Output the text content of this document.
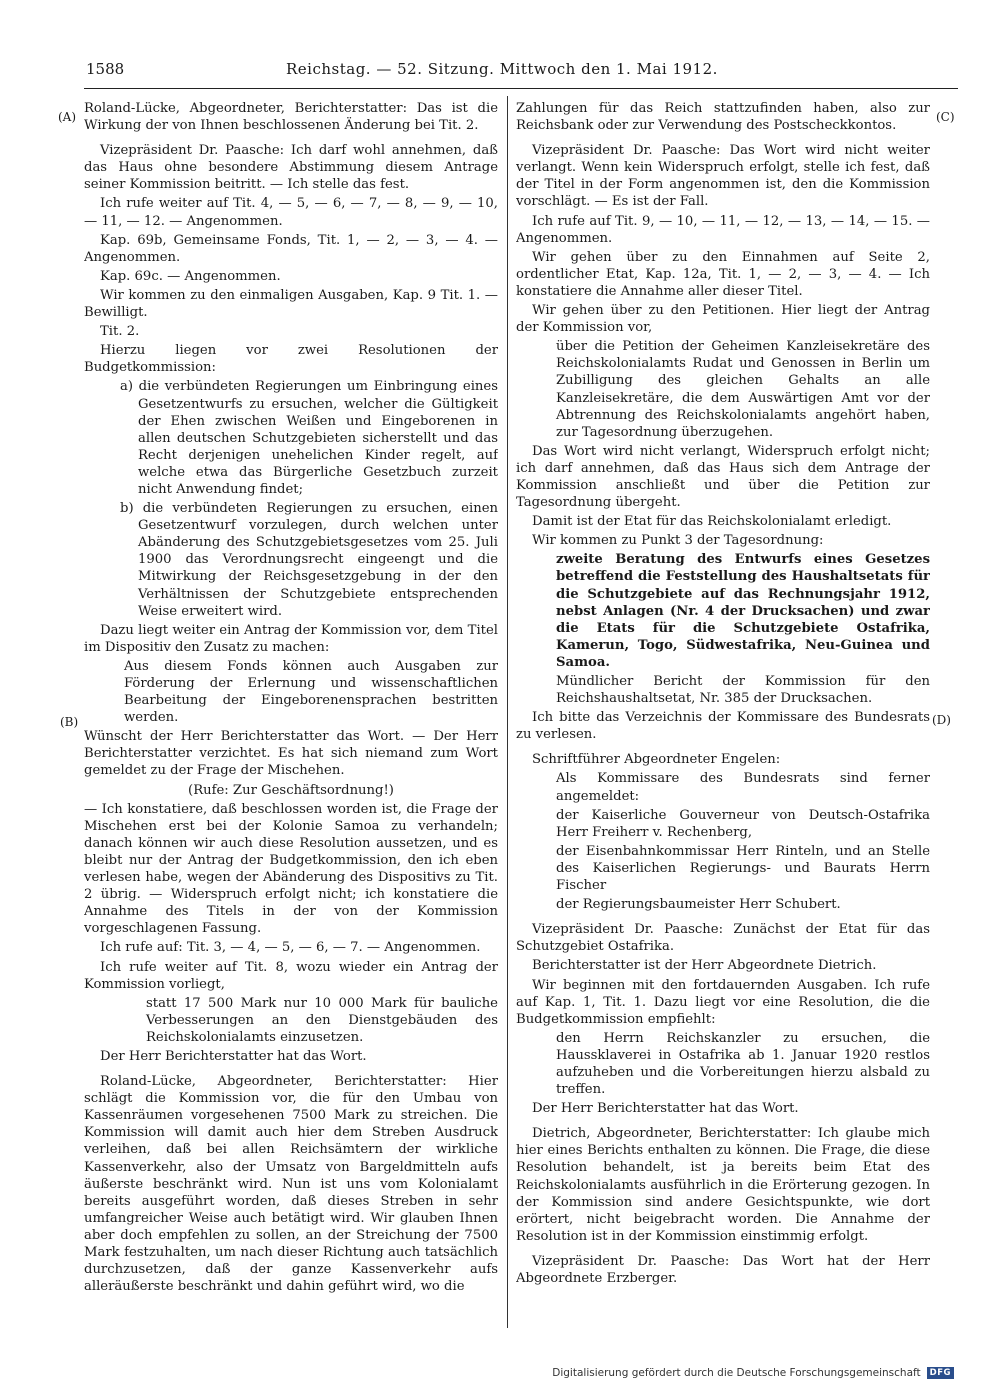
1588	Reichstag. — 52. Sitzung. Mittwoch den 1. Mai 1912.
(A)
(B)
(C)
(D)

Roland-Lücke, Abgeordneter, Berichterstatter: Das ist die Wirkung der von Ihnen beschlossenen Änderung bei Tit. 2.

Vizepräsident Dr. Paasche: Ich darf wohl annehmen, daß das Haus ohne besondere Abstimmung diesem Antrage seiner Kommission beitritt. — Ich stelle das fest.

Ich rufe weiter auf Tit. 4, — 5, — 6, — 7, — 8, — 9, — 10, — 11, — 12. — Angenommen.

Kap. 69b, Gemeinsame Fonds, Tit. 1, — 2, — 3, — 4. — Angenommen.

Kap. 69c. — Angenommen.

Wir kommen zu den einmaligen Ausgaben, Kap. 9 Tit. 1. — Bewilligt.

Tit. 2.

Hierzu liegen vor zwei Resolutionen der Budgetkommission:

a) die verbündeten Regierungen um Einbringung eines Gesetzentwurfs zu ersuchen, welcher die Gültigkeit der Ehen zwischen Weißen und Eingeborenen in allen deutschen Schutzgebieten sicherstellt und das Recht derjenigen unehelichen Kinder regelt, auf welche etwa das Bürgerliche Gesetzbuch zurzeit nicht Anwendung findet;

b) die verbündeten Regierungen zu ersuchen, einen Gesetzentwurf vorzulegen, durch welchen unter Abänderung des Schutzgebietsgesetzes vom 25. Juli 1900 das Verordnungsrecht eingeengt und die Mitwirkung der Reichsgesetzgebung in der den Verhältnissen der Schutzgebiete entsprechenden Weise erweitert wird.

Dazu liegt weiter ein Antrag der Kommission vor, dem Titel im Dispositiv den Zusatz zu machen:

Aus diesem Fonds können auch Ausgaben zur Förderung der Erlernung und wissenschaftlichen Bearbeitung der Eingeborenensprachen bestritten werden.

Wünscht der Herr Berichterstatter das Wort. — Der Herr Berichterstatter verzichtet. Es hat sich niemand zum Wort gemeldet zu der Frage der Mischehen.

(Rufe: Zur Geschäftsordnung!)

— Ich konstatiere, daß beschlossen worden ist, die Frage der Mischehen erst bei der Kolonie Samoa zu verhandeln; danach können wir auch diese Resolution aussetzen, und es bleibt nur der Antrag der Budgetkommission, den ich eben verlesen habe, wegen der Abänderung des Dispositivs zu Tit. 2 übrig. — Widerspruch erfolgt nicht; ich konstatiere die Annahme des Titels in der von der Kommission vorgeschlagenen Fassung.

Ich rufe auf: Tit. 3, — 4, — 5, — 6, — 7. — Angenommen.

Ich rufe weiter auf Tit. 8, wozu wieder ein Antrag der Kommission vorliegt,

statt 17 500 Mark nur 10 000 Mark für bauliche Verbesserungen an den Dienstgebäuden des Reichskolonialamts einzusetzen.

Der Herr Berichterstatter hat das Wort.

Roland-Lücke, Abgeordneter, Berichterstatter: Hier schlägt die Kommission vor, die für den Umbau von Kassenräumen vorgesehenen 7500 Mark zu streichen. Die Kommission will damit auch hier dem Streben Ausdruck verleihen, daß bei allen Reichsämtern der wirkliche Kassenverkehr, also der Umsatz von Bargeldmitteln aufs äußerste beschränkt wird. Nun ist uns vom Kolonialamt bereits ausgeführt worden, daß dieses Streben in sehr umfangreicher Weise auch betätigt wird. Wir glauben Ihnen aber doch empfehlen zu sollen, an der Streichung der 7500 Mark festzuhalten, um nach dieser Richtung auch tatsächlich durchzusetzen, daß der ganze Kassenverkehr aufs alleräußerste beschränkt und dahin geführt wird, wo die

Zahlungen für das Reich stattzufinden haben, also zur Reichsbank oder zur Verwendung des Postscheckkontos.

Vizepräsident Dr. Paasche: Das Wort wird nicht weiter verlangt. Wenn kein Widerspruch erfolgt, stelle ich fest, daß der Titel in der Form angenommen ist, den die Kommission vorschlägt. — Es ist der Fall.

Ich rufe auf Tit. 9, — 10, — 11, — 12, — 13, — 14, — 15. — Angenommen.

Wir gehen über zu den Einnahmen auf Seite 2, ordentlicher Etat, Kap. 12a, Tit. 1, — 2, — 3, — 4. — Ich konstatiere die Annahme aller dieser Titel.

Wir gehen über zu den Petitionen. Hier liegt der Antrag der Kommission vor,

über die Petition der Geheimen Kanzleisekretäre des Reichskolonialamts Rudat und Genossen in Berlin um Zubilligung des gleichen Gehalts an alle Kanzleisekretäre, die dem Auswärtigen Amt vor der Abtrennung des Reichskolonialamts angehört haben, zur Tagesordnung überzugehen.

Das Wort wird nicht verlangt, Widerspruch erfolgt nicht; ich darf annehmen, daß das Haus sich dem Antrage der Kommission anschließt und über die Petition zur Tagesordnung übergeht.

Damit ist der Etat für das Reichskolonialamt erledigt.

Wir kommen zu Punkt 3 der Tagesordnung:

zweite Beratung des Entwurfs eines Gesetzes betreffend die Feststellung des Haushaltsetats für die Schutzgebiete auf das Rechnungsjahr 1912, nebst Anlagen (Nr. 4 der Drucksachen) und zwar die Etats für die Schutzgebiete Ostafrika, Kamerun, Togo, Südwestafrika, Neu-Guinea und Samoa.

Mündlicher Bericht der Kommission für den Reichshaushaltsetat, Nr. 385 der Drucksachen.

Ich bitte das Verzeichnis der Kommissare des Bundesrats zu verlesen.

Schriftführer Abgeordneter Engelen:

Als Kommissare des Bundesrats sind ferner angemeldet:

der Kaiserliche Gouverneur von Deutsch-Ostafrika Herr Freiherr v. Rechenberg,

der Eisenbahnkommissar Herr Rinteln, und an Stelle des Kaiserlichen Regierungs- und Baurats Herrn Fischer

der Regierungsbaumeister Herr Schubert.

Vizepräsident Dr. Paasche: Zunächst der Etat für das Schutzgebiet Ostafrika.

Berichterstatter ist der Herr Abgeordnete Dietrich.

Wir beginnen mit den fortdauernden Ausgaben. Ich rufe auf Kap. 1, Tit. 1. Dazu liegt vor eine Resolution, die die Budgetkommission empfiehlt:

den Herrn Reichskanzler zu ersuchen, die Haussklaverei in Ostafrika ab 1. Januar 1920 restlos aufzuheben und die Vorbereitungen hierzu alsbald zu treffen.

Der Herr Berichterstatter hat das Wort.

Dietrich, Abgeordneter, Berichterstatter: Ich glaube mich hier eines Berichts enthalten zu können. Die Frage, die diese Resolution behandelt, ist ja bereits beim Etat des Reichskolonialamts ausführlich in die Erörterung gezogen. In der Kommission sind andere Gesichtspunkte, wie dort erörtert, nicht beigebracht worden. Die Annahme der Resolution ist in der Kommission einstimmig erfolgt.

Vizepräsident Dr. Paasche: Das Wort hat der Herr Abgeordnete Erzberger.

Digitalisierung gefördert durch die Deutsche Forschungsgemeinschaft	DFG
